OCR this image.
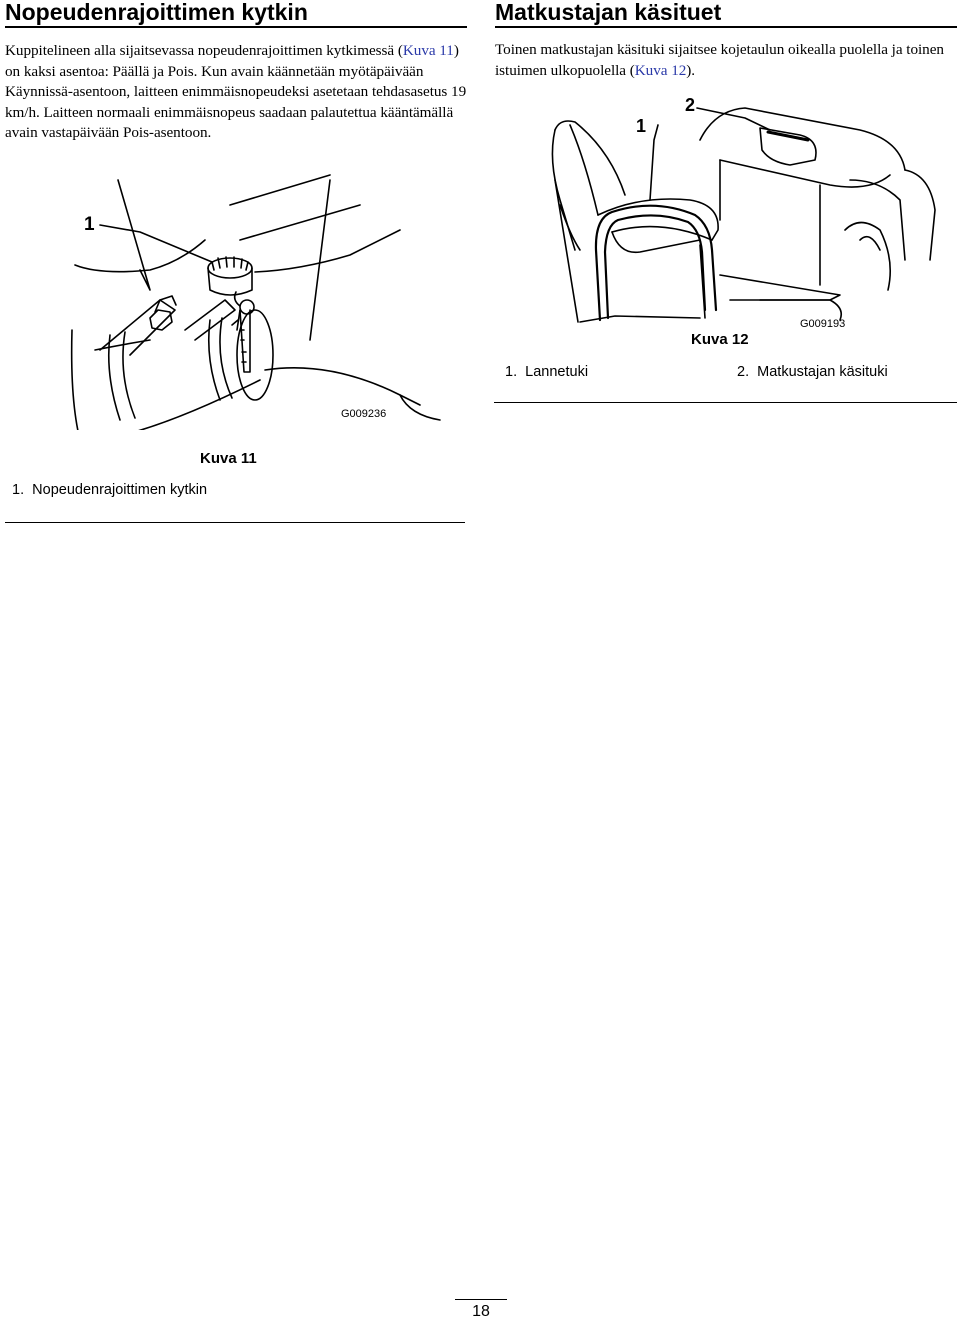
Nopeudenrajoittimen kytkin

Kuppitelineen alla sijaitsevassa nopeudenrajoittimen kytkimessä (Kuva 11) on kaksi asentoa: Päällä ja Pois. Kun avain käännetään myötäpäivään Käynnissä-asentoon, laitteen enimmäisnopeudeksi asetetaan tehdasasetus 19 km/h. Laitteen normaali enimmäisnopeus saadaan palautettua kääntämällä avain vastapäivään Pois-asentoon.

1
G009236
Kuva 11
1. Nopeudenrajoittimen kytkin
Matkustajan käsituet

Toinen matkustajan käsituki sijaitsee kojetaulun oikealla puolella ja toinen istuimen ulkopuolella (Kuva 12).

1
2
G009193
Kuva 12
1. Lannetuki	2. Matkustajan käsituki
18
